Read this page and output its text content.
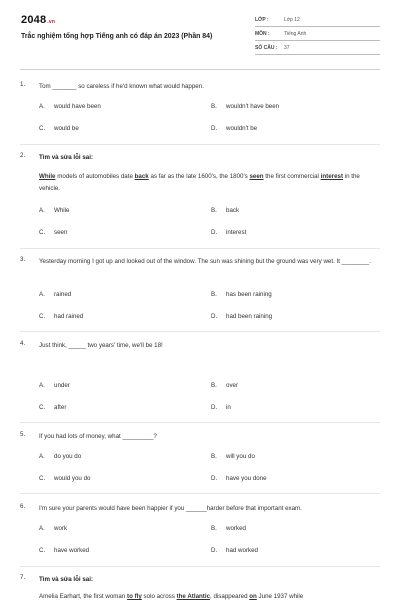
2048.vn
Trắc nghiệm tổng hợp Tiếng anh có đáp án 2023 (Phần 84)
LỚP :	Lớp 12
MÔN :	Tiếng Anh
SỐ CÂU : 37
1. Tom _______ so careless if he'd known what would happen.
A. would have been	B. wouldn't have been
C. would be	D. wouldn't be
2. Tìm và sửa lỗi sai:
While models of automobiles date back as far as the late 1600's, the 1800's seen the first commercial interest in the vehicle.
A. While	B. back
C. seen	D. interest
3. Yesterday morning I got up and looked out of the window. The sun was shining but the ground was very wet. It ________.
A. rained	B. has been raining
C. had rained	D. had been raining
4. Just think, _____ two years' time, we'll be 18!
A. under	B. over
C. after	D. in
5. If you had lots of money, what _________?
A. do you do	B. will you do
C. would you do	D. have you done
6. I'm sure your parents would have been happier if you ______harder before that important exam.
A. work	B. worked
C. have worked	D. had worked
7. Tìm và sửa lỗi sai:
Amelia Earhart, the first woman to fly solo across the Atlantic, disappeared on June 1937 while
